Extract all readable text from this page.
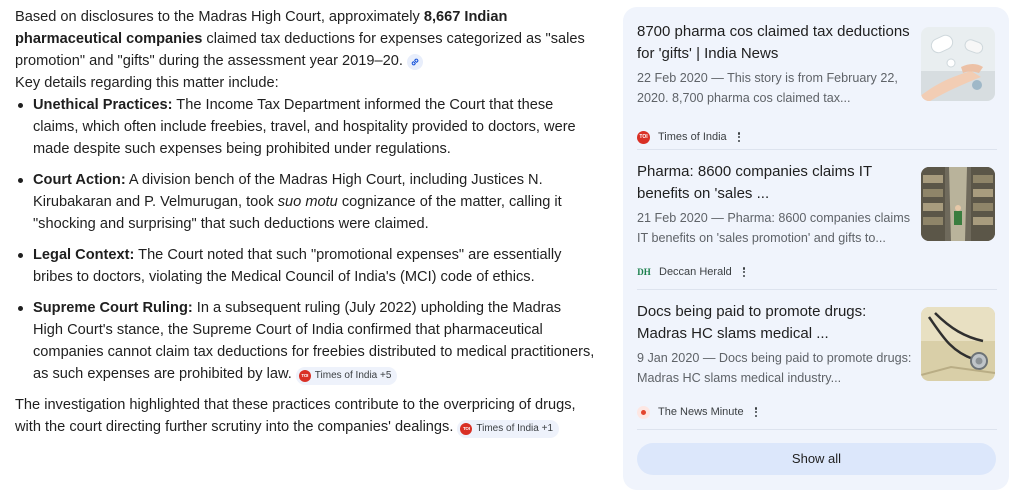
Based on disclosures to the Madras High Court, approximately 8,667 Indian pharmaceutical companies claimed tax deductions for expenses categorized as "sales promotion" and "gifts" during the assessment year 2019–20.

Key details regarding this matter include:

Unethical Practices: The Income Tax Department informed the Court that these claims, which often include freebies, travel, and hospitality provided to doctors, were made despite such expenses being prohibited under regulations.
Court Action: A division bench of the Madras High Court, including Justices N. Kirubakaran and P. Velmurugan, took suo motu cognizance of the matter, calling it "shocking and surprising" that such deductions were claimed.
Legal Context: The Court noted that such "promotional expenses" are essentially bribes to doctors, violating the Medical Council of India's (MCI) code of ethics.
Supreme Court Ruling: In a subsequent ruling (July 2022) upholding the Madras High Court's stance, the Supreme Court of India confirmed that pharmaceutical companies cannot claim tax deductions for freebies distributed to medical practitioners, as such expenses are prohibited by law.	TOI Times of India +5

The investigation highlighted that these practices contribute to the overpricing of drugs, with the court directing further scrutiny into the companies' dealings.	TOI Times of India +1

8700 pharma cos claimed tax deductions for 'gifts' | India News
22 Feb 2020 — This story is from February 22, 2020. 8,700 pharma cos claimed tax...
TOI Times of India
Pharma: 8600 companies claims IT benefits on 'sales ...
21 Feb 2020 — Pharma: 8600 companies claims IT benefits on 'sales promotion' and gifts to...
DH Deccan Herald
Docs being paid to promote drugs: Madras HC slams medical ...
9 Jan 2020 — Docs being paid to promote drugs: Madras HC slams medical industry...
The News Minute
Show all
